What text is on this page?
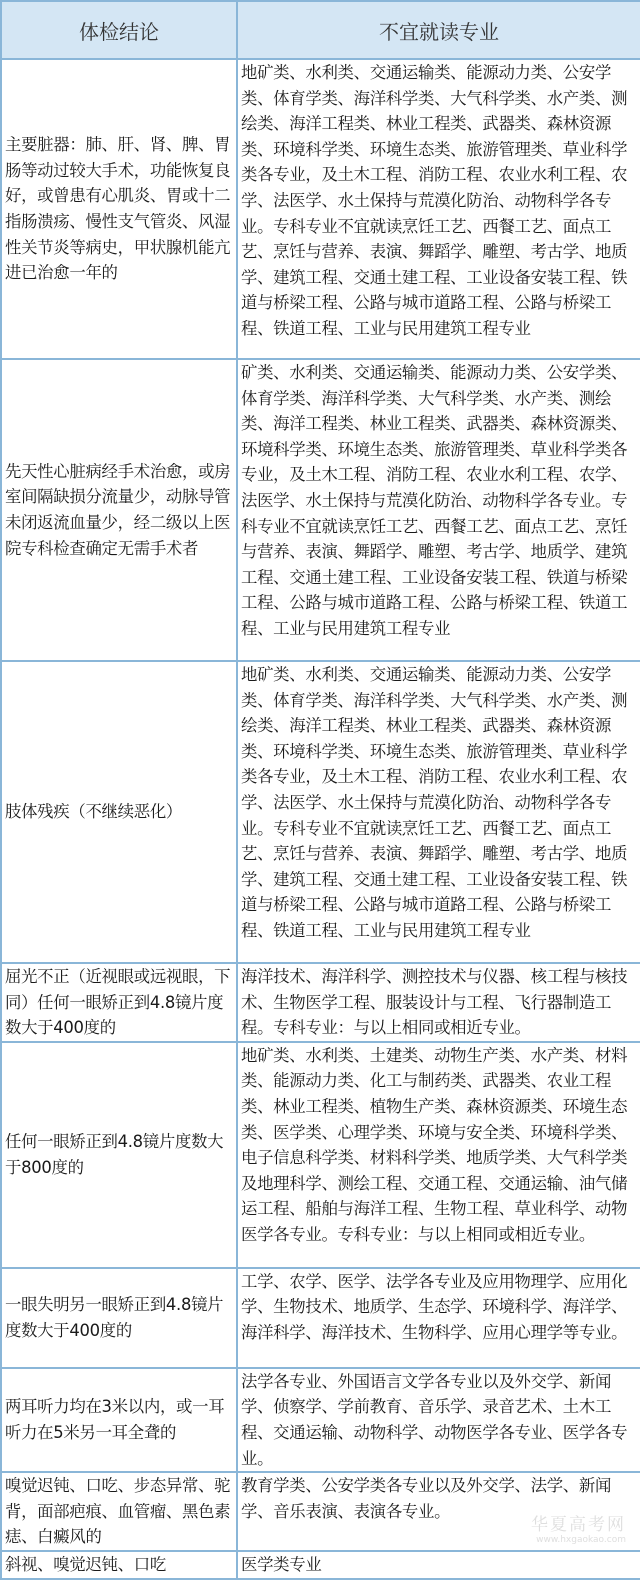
体检结论	不宜就读专业
主要脏器：肺、肝、肾、脾、胃肠等动过较大手术，功能恢复良好，或曾患有心肌炎、胃或十二指肠溃疡、慢性支气管炎、风湿性关节炎等病史，甲状腺机能亢进已治愈一年的	地矿类、水利类、交通运输类、能源动力类、公安学类、体育学类、海洋科学类、大气科学类、水产类、测绘类、海洋工程类、林业工程类、武器类、森林资源类、环境科学类、环境生态类、旅游管理类、草业科学类各专业，及土木工程、消防工程、农业水利工程、农学、法医学、水土保持与荒漠化防治、动物科学各专业。专科专业不宜就读烹饪工艺、西餐工艺、面点工艺、烹饪与营养、表演、舞蹈学、雕塑、考古学、地质学、建筑工程、交通土建工程、工业设备安装工程、铁道与桥梁工程、公路与城市道路工程、公路与桥梁工程、铁道工程、工业与民用建筑工程专业
先天性心脏病经手术治愈，或房室间隔缺损分流量少，动脉导管未闭返流血量少，经二级以上医院专科检查确定无需手术者	矿类、水利类、交通运输类、能源动力类、公安学类、体育学类、海洋科学类、大气科学类、水产类、测绘类、海洋工程类、林业工程类、武器类、森林资源类、环境科学类、环境生态类、旅游管理类、草业科学类各专业，及土木工程、消防工程、农业水利工程、农学、法医学、水土保持与荒漠化防治、动物科学各专业。专科专业不宜就读烹饪工艺、西餐工艺、面点工艺、烹饪与营养、表演、舞蹈学、雕塑、考古学、地质学、建筑工程、交通土建工程、工业设备安装工程、铁道与桥梁工程、公路与城市道路工程、公路与桥梁工程、铁道工程、工业与民用建筑工程专业
肢体残疾（不继续恶化）	地矿类、水利类、交通运输类、能源动力类、公安学类、体育学类、海洋科学类、大气科学类、水产类、测绘类、海洋工程类、林业工程类、武器类、森林资源类、环境科学类、环境生态类、旅游管理类、草业科学类各专业，及土木工程、消防工程、农业水利工程、农学、法医学、水土保持与荒漠化防治、动物科学各专业。专科专业不宜就读烹饪工艺、西餐工艺、面点工艺、烹饪与营养、表演、舞蹈学、雕塑、考古学、地质学、建筑工程、交通土建工程、工业设备安装工程、铁道与桥梁工程、公路与城市道路工程、公路与桥梁工程、铁道工程、工业与民用建筑工程专业
屈光不正（近视眼或远视眼，下同）任何一眼矫正到4.8镜片度数大于400度的	海洋技术、海洋科学、测控技术与仪器、核工程与核技术、生物医学工程、服装设计与工程、飞行器制造工程。专科专业：与以上相同或相近专业。
任何一眼矫正到4.8镜片度数大于800度的	地矿类、水利类、土建类、动物生产类、水产类、材料类、能源动力类、化工与制药类、武器类、农业工程类、林业工程类、植物生产类、森林资源类、环境生态类、医学类、心理学类、环境与安全类、环境科学类、电子信息科学类、材料科学类、地质学类、大气科学类及地理科学、测绘工程、交通工程、交通运输、油气储运工程、船舶与海洋工程、生物工程、草业科学、动物医学各专业。专科专业：与以上相同或相近专业。
一眼失明另一眼矫正到4.8镜片度数大于400度的	工学、农学、医学、法学各专业及应用物理学、应用化学、生物技术、地质学、生态学、环境科学、海洋学、海洋科学、海洋技术、生物科学、应用心理学等专业。
两耳听力均在3米以内，或一耳听力在5米另一耳全聋的	法学各专业、外国语言文学各专业以及外交学、新闻学、侦察学、学前教育、音乐学、录音艺术、土木工程、交通运输、动物科学、动物医学各专业、医学各专业。
嗅觉迟钝、口吃、步态异常、驼背，面部疤痕、血管瘤、黑色素痣、白癜风的	教育学类、公安学类各专业以及外交学、法学、新闻学、音乐表演、表演各专业。
斜视、嗅觉迟钝、口吃	医学类专业
华夏高考网
www.hxgaokao.com
